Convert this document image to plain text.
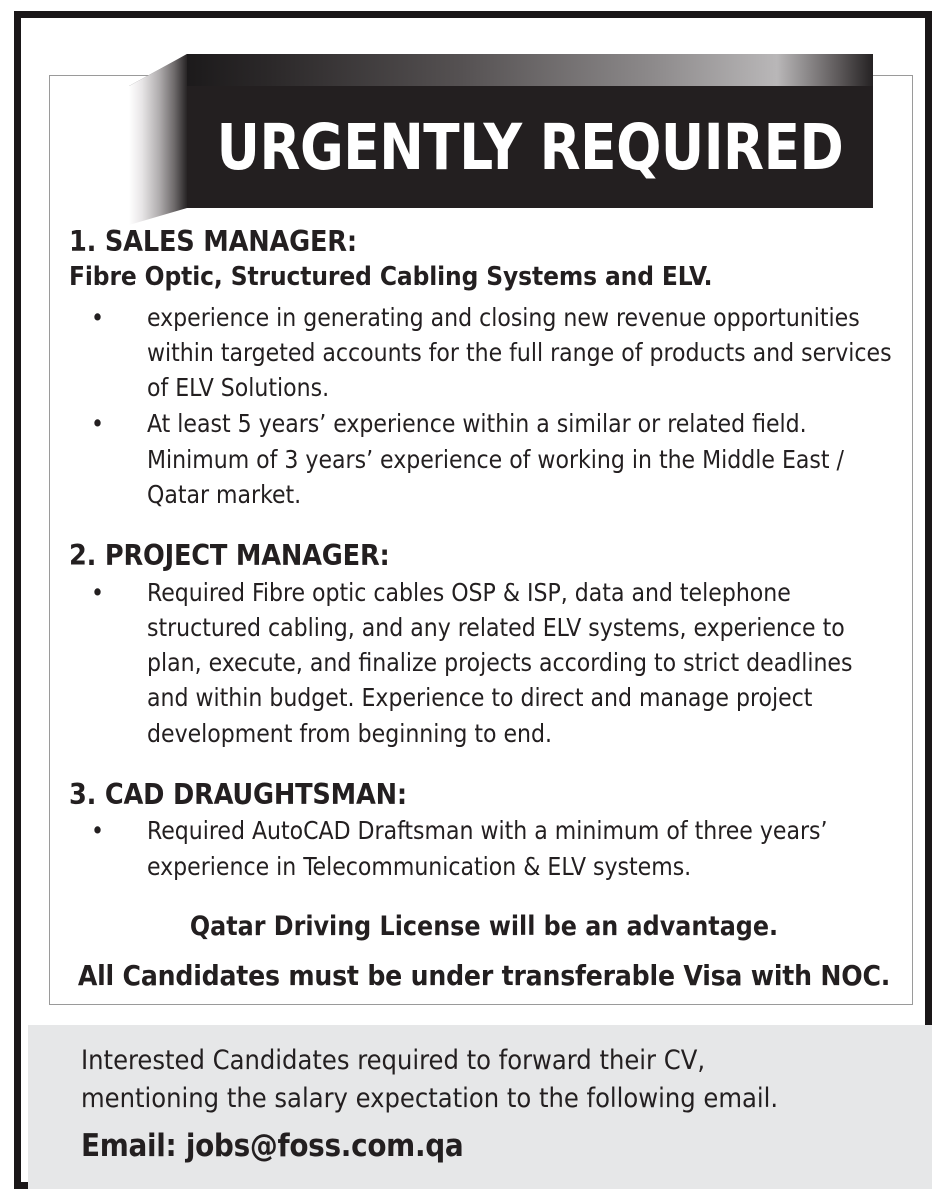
URGENTLY REQUIRED

1. SALES MANAGER:

Fibre Optic, Structured Cabling Systems and ELV.

• experience in generating and closing new revenue opportunities within targeted accounts for the full range of products and services of ELV Solutions.
• At least 5 years’ experience within a similar or related field. Minimum of 3 years’ experience of working in the Middle East / Qatar market.

2. PROJECT MANAGER:

• Required Fibre optic cables OSP & ISP, data and telephone structured cabling, and any related ELV systems, experience to plan, execute, and finalize projects according to strict deadlines and within budget. Experience to direct and manage project development from beginning to end.

3. CAD DRAUGHTSMAN:

• Required AutoCAD Draftsman with a minimum of three years’ experience in Telecommunication & ELV systems.

Qatar Driving License will be an advantage.

All Candidates must be under transferable Visa with NOC.

Interested Candidates required to forward their CV,
mentioning the salary expectation to the following email.
Email: jobs@foss.com.qa
